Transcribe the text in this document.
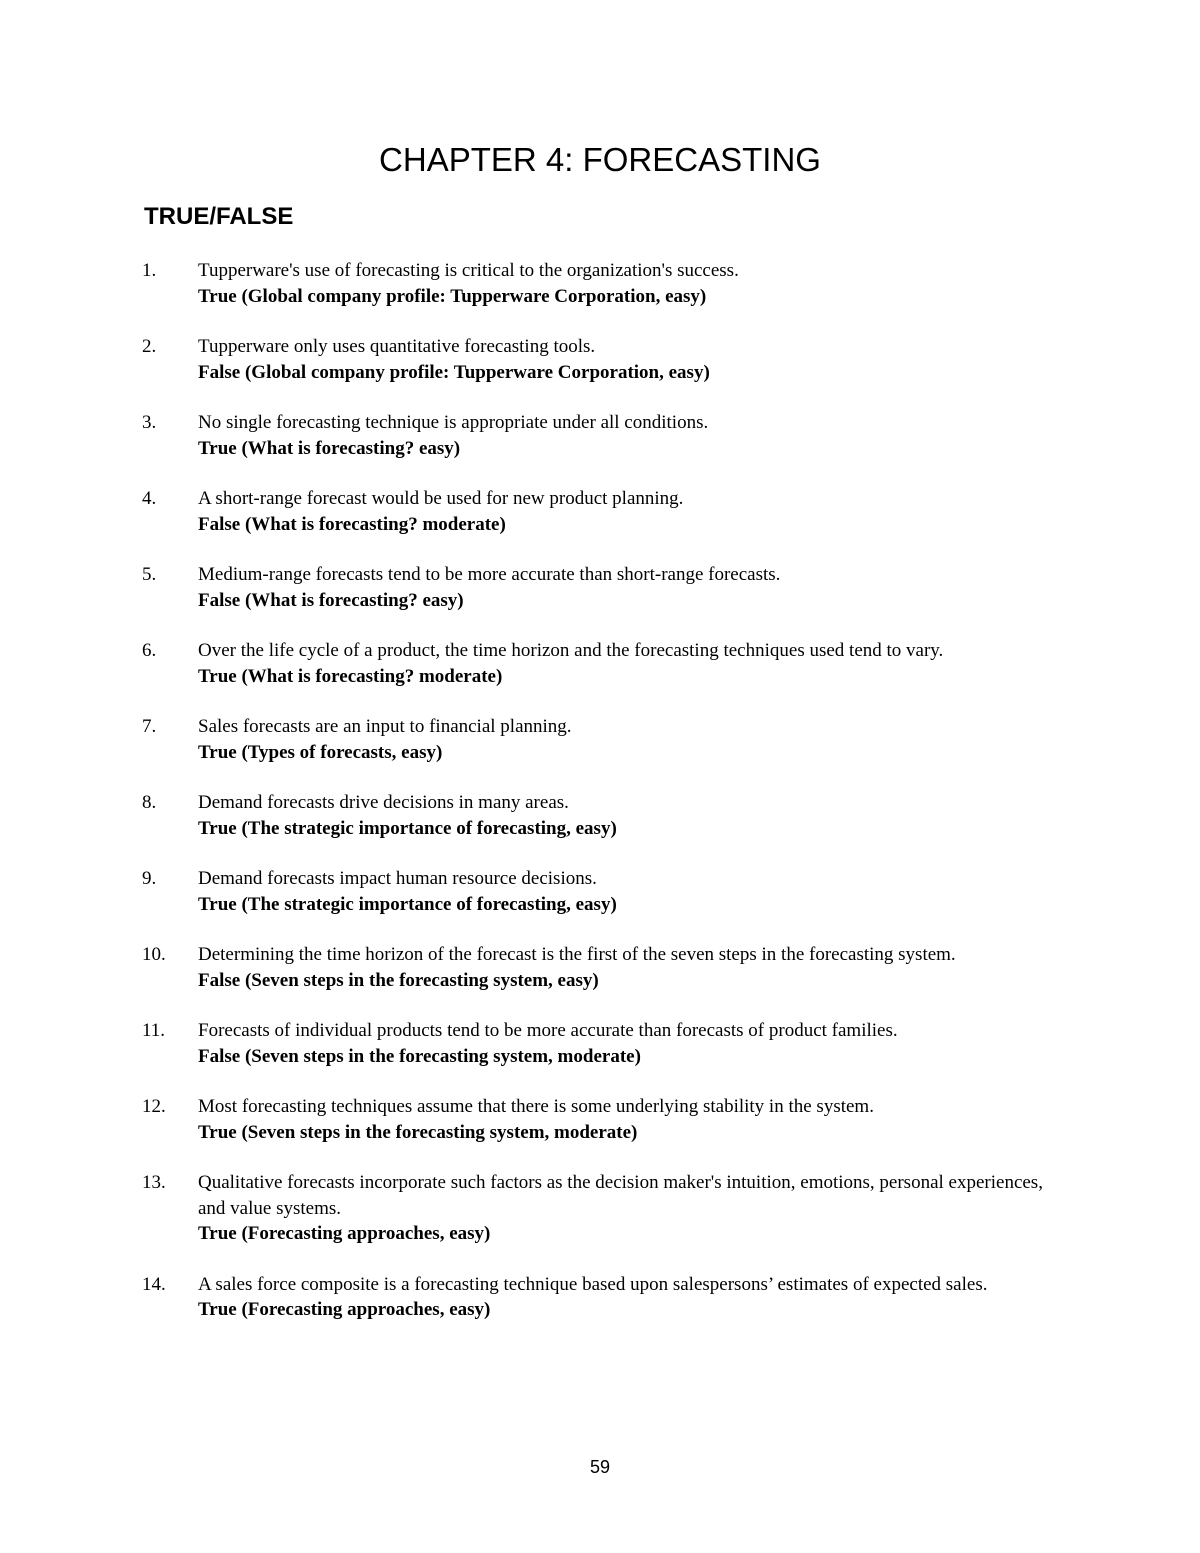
CHAPTER 4: FORECASTING
TRUE/FALSE
1. Tupperware's use of forecasting is critical to the organization's success.
True (Global company profile: Tupperware Corporation, easy)
2. Tupperware only uses quantitative forecasting tools.
False (Global company profile: Tupperware Corporation, easy)
3. No single forecasting technique is appropriate under all conditions.
True (What is forecasting? easy)
4. A short-range forecast would be used for new product planning.
False (What is forecasting? moderate)
5. Medium-range forecasts tend to be more accurate than short-range forecasts.
False (What is forecasting? easy)
6. Over the life cycle of a product, the time horizon and the forecasting techniques used tend to vary.
True (What is forecasting? moderate)
7. Sales forecasts are an input to financial planning.
True (Types of forecasts, easy)
8. Demand forecasts drive decisions in many areas.
True (The strategic importance of forecasting, easy)
9. Demand forecasts impact human resource decisions.
True (The strategic importance of forecasting, easy)
10. Determining the time horizon of the forecast is the first of the seven steps in the forecasting system.
False (Seven steps in the forecasting system, easy)
11. Forecasts of individual products tend to be more accurate than forecasts of product families.
False (Seven steps in the forecasting system, moderate)
12. Most forecasting techniques assume that there is some underlying stability in the system.
True (Seven steps in the forecasting system, moderate)
13. Qualitative forecasts incorporate such factors as the decision maker's intuition, emotions, personal experiences, and value systems.
True (Forecasting approaches, easy)
14. A sales force composite is a forecasting technique based upon salespersons’ estimates of expected sales.
True (Forecasting approaches, easy)
59
